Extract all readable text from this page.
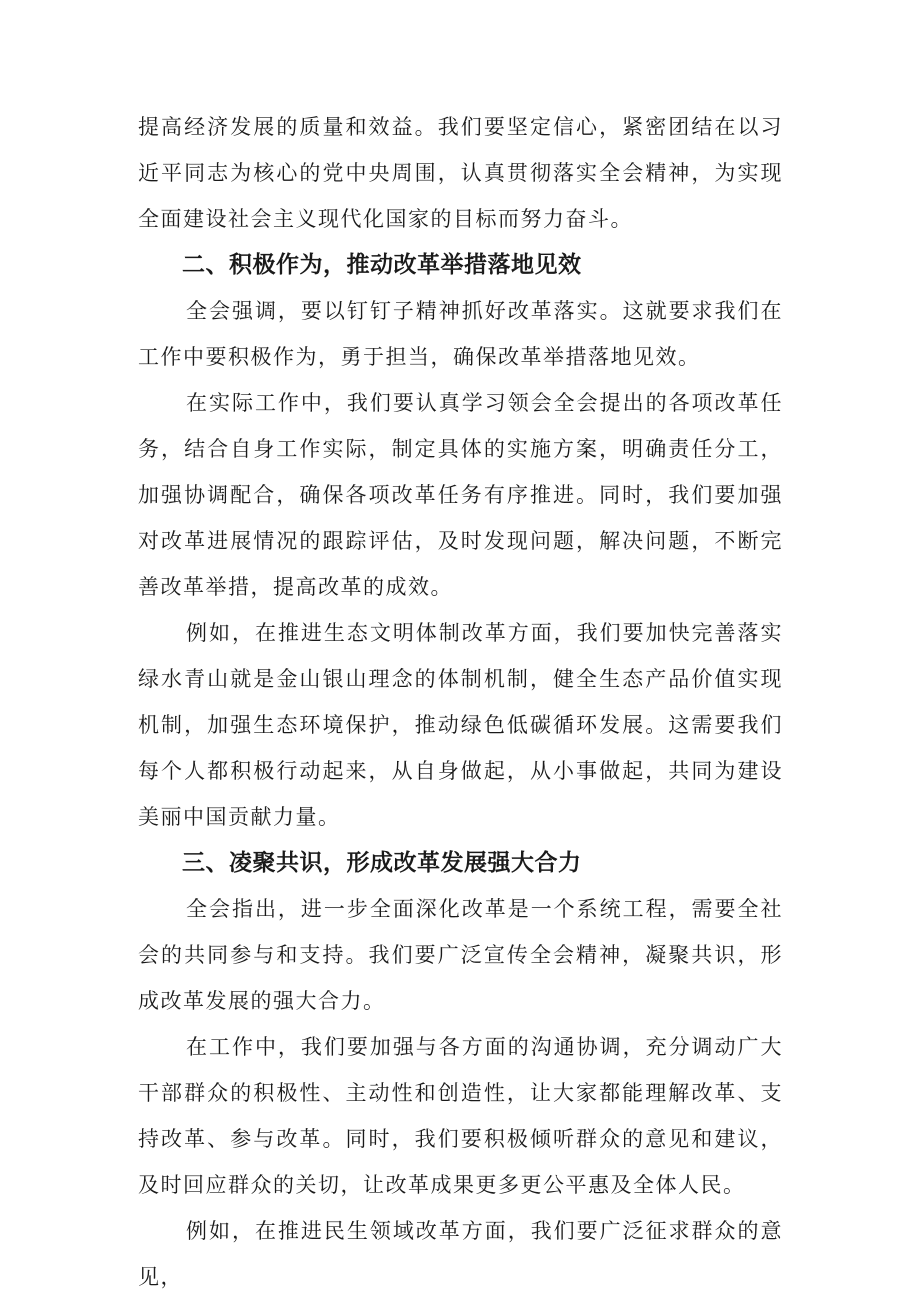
提高经济发展的质量和效益。我们要坚定信心，紧密团结在以习近平同志为核心的党中央周围，认真贯彻落实全会精神，为实现全面建设社会主义现代化国家的目标而努力奋斗。

二、积极作为，推动改革举措落地见效

全会强调，要以钉钉子精神抓好改革落实。这就要求我们在工作中要积极作为，勇于担当，确保改革举措落地见效。

在实际工作中，我们要认真学习领会全会提出的各项改革任务，结合自身工作实际，制定具体的实施方案，明确责任分工，加强协调配合，确保各项改革任务有序推进。同时，我们要加强对改革进展情况的跟踪评估，及时发现问题，解决问题，不断完善改革举措，提高改革的成效。

例如，在推进生态文明体制改革方面，我们要加快完善落实绿水青山就是金山银山理念的体制机制，健全生态产品价值实现机制，加强生态环境保护，推动绿色低碳循环发展。这需要我们每个人都积极行动起来，从自身做起，从小事做起，共同为建设美丽中国贡献力量。

三、凌聚共识，形成改革发展强大合力

全会指出，进一步全面深化改革是一个系统工程，需要全社会的共同参与和支持。我们要广泛宣传全会精神，凝聚共识，形成改革发展的强大合力。

在工作中，我们要加强与各方面的沟通协调，充分调动广大干部群众的积极性、主动性和创造性，让大家都能理解改革、支持改革、参与改革。同时，我们要积极倾听群众的意见和建议，及时回应群众的关切，让改革成果更多更公平惠及全体人民。

例如，在推进民生领域改革方面，我们要广泛征求群众的意见，
